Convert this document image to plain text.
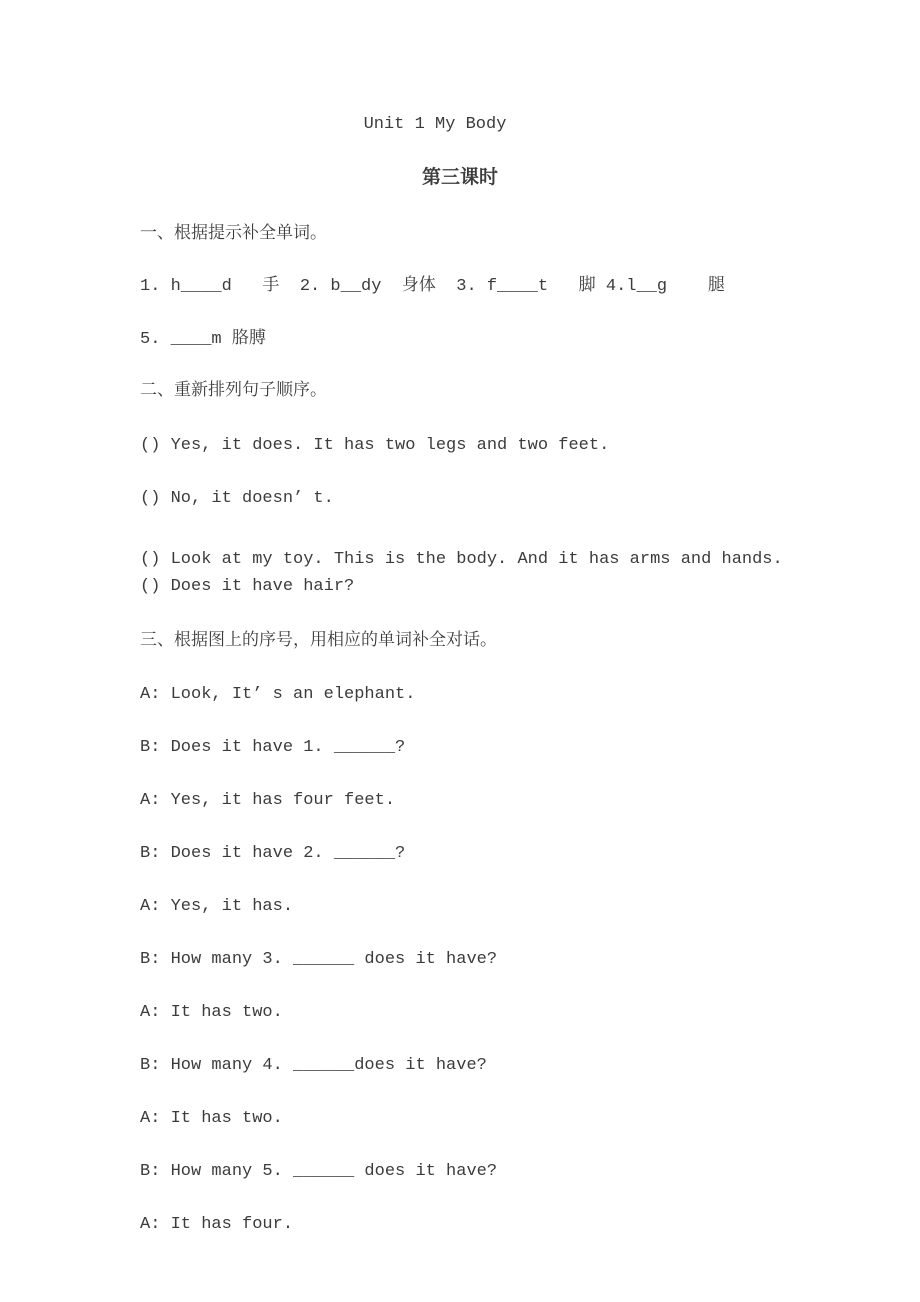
Unit 1 My Body
第三课时
一、根据提示补全单词。
1. h____d   手  2. b__dy  身体  3. f____t   脚 4.l__g    腿
5. ____m 胳膊
二、重新排列句子顺序。
() Yes, it does. It has two legs and two feet.
() No, it doesn’ t.
() Look at my toy. This is the body. And it has arms and hands.
() Does it have hair?
三、根据图上的序号，用相应的单词补全对话。
A: Look, It’ s an elephant.
B: Does it have 1. ______?
A: Yes, it has four feet.
B: Does it have 2. ______?
A: Yes, it has.
B: How many 3. ______ does it have?
A: It has two.
B: How many 4. ______does it have?
A: It has two.
B: How many 5. ______ does it have?
A: It has four.
